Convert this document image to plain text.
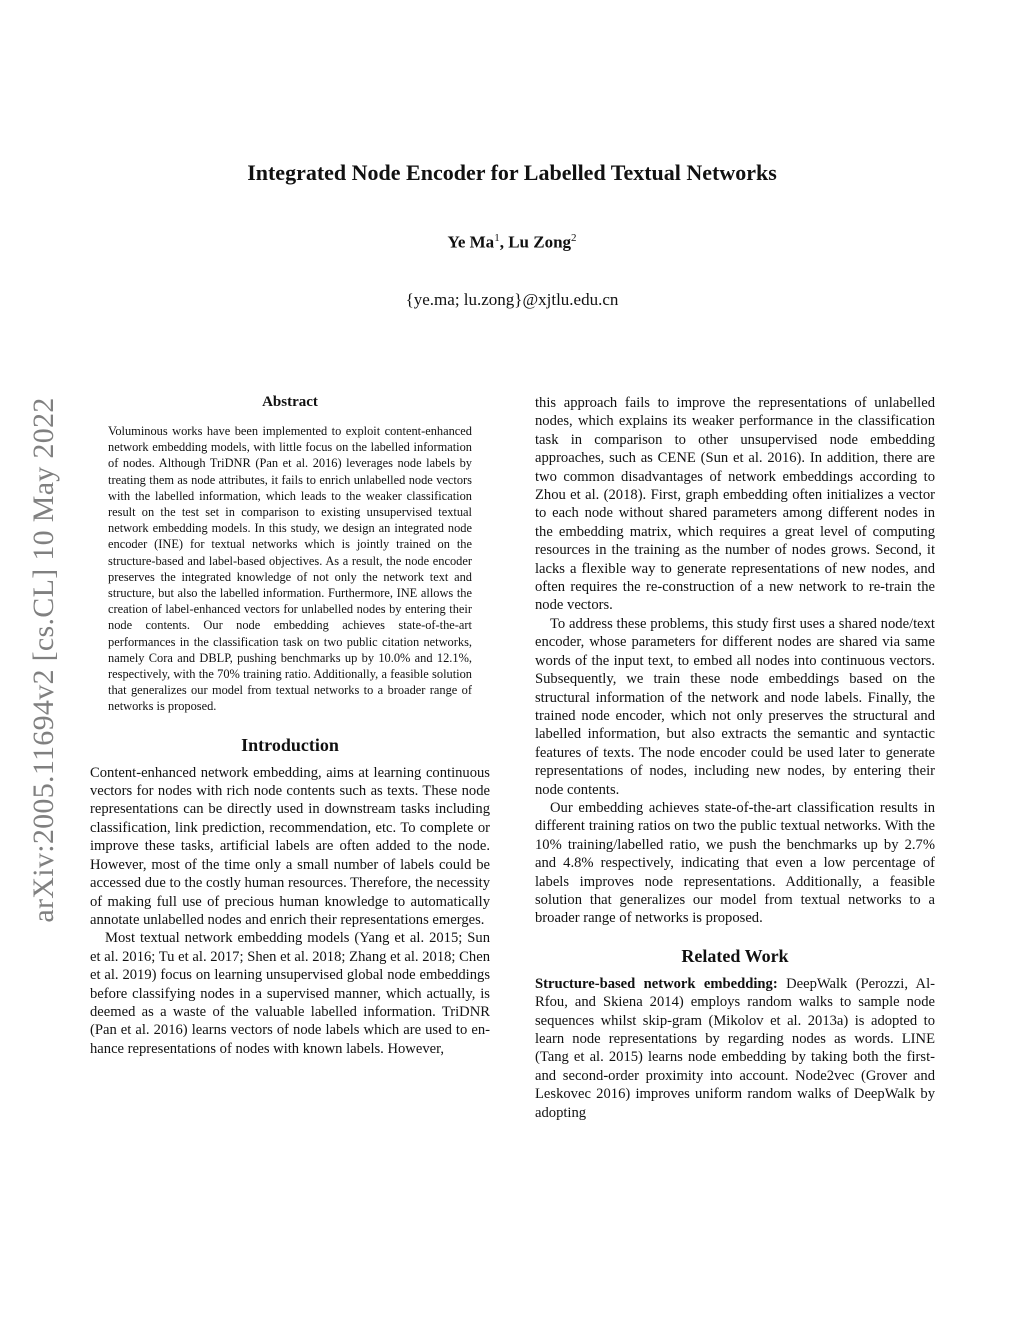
arXiv:2005.11694v2 [cs.CL] 10 May 2022
Integrated Node Encoder for Labelled Textual Networks
Ye Ma$^1$, Lu Zong$^2$
{ye.ma; lu.zong}@xjtlu.edu.cn
Abstract

Voluminous works have been implemented to exploit content-enhanced network embedding models, with little focus on the labelled information of nodes. Although TriDNR (Pan et al. 2016) leverages node labels by treating them as node attributes, it fails to enrich unlabelled node vectors with the labelled information, which leads to the weaker classification result on the test set in comparison to existing unsupervised textual network embedding models. In this study, we design an integrated node encoder (INE) for textual networks which is jointly trained on the structure-based and label-based objectives. As a result, the node encoder preserves the integrated knowledge of not only the network text and structure, but also the labelled information. Furthermore, INE allows the creation of label-enhanced vectors for unlabelled nodes by entering their node contents. Our node embedding achieves state-of-the-art performances in the classification task on two public citation networks, namely Cora and DBLP, pushing benchmarks up by 10.0% and 12.1%, respectively, with the 70% training ratio. Additionally, a feasible solution that generalizes our model from textual networks to a broader range of networks is proposed.

Introduction

Content-enhanced network embedding, aims at learning continuous vectors for nodes with rich node contents such as texts. These node representations can be directly used in downstream tasks including classification, link prediction, recommendation, etc. To complete or improve these tasks, artificial labels are often added to the node. However, most of the time only a small number of labels could be accessed due to the costly human resources. Therefore, the necessity of making full use of precious human knowledge to automatically annotate unlabelled nodes and enrich their representations emerges.

Most textual network embedding models (Yang et al. 2015; Sun et al. 2016; Tu et al. 2017; Shen et al. 2018; Zhang et al. 2018; Chen et al. 2019) focus on learning unsupervised global node embeddings before classifying nodes in a supervised manner, which actually, is deemed as a waste of the valuable labelled information. TriDNR (Pan et al. 2016) learns vectors of node labels which are used to enhance representations of nodes with known labels. However,

this approach fails to improve the representations of unlabelled nodes, which explains its weaker performance in the classification task in comparison to other unsupervised node embedding approaches, such as CENE (Sun et al. 2016). In addition, there are two common disadvantages of network embeddings according to Zhou et al. (2018). First, graph embedding often initializes a vector to each node without shared parameters among different nodes in the embedding matrix, which requires a great level of computing resources in the training as the number of nodes grows. Second, it lacks a flexible way to generate representations of new nodes, and often requires the re-construction of a new network to re-train the node vectors.

To address these problems, this study first uses a shared node/text encoder, whose parameters for different nodes are shared via same words of the input text, to embed all nodes into continuous vectors. Subsequently, we train these node embeddings based on the structural information of the network and node labels. Finally, the trained node encoder, which not only preserves the structural and labelled information, but also extracts the semantic and syntactic features of texts. The node encoder could be used later to generate representations of nodes, including new nodes, by entering their node contents.

Our embedding achieves state-of-the-art classification results in different training ratios on two the public textual networks. With the 10% training/labelled ratio, we push the benchmarks up by 2.7% and 4.8% respectively, indicating that even a low percentage of labels improves node representations. Additionally, a feasible solution that generalizes our model from textual networks to a broader range of networks is proposed.

Related Work

Structure-based network embedding: DeepWalk (Perozzi, Al-Rfou, and Skiena 2014) employs random walks to sample node sequences whilst skip-gram (Mikolov et al. 2013a) is adopted to learn node representations by regarding nodes as words. LINE (Tang et al. 2015) learns node embedding by taking both the first- and second-order proximity into account. Node2vec (Grover and Leskovec 2016) improves uniform random walks of DeepWalk by adopting
